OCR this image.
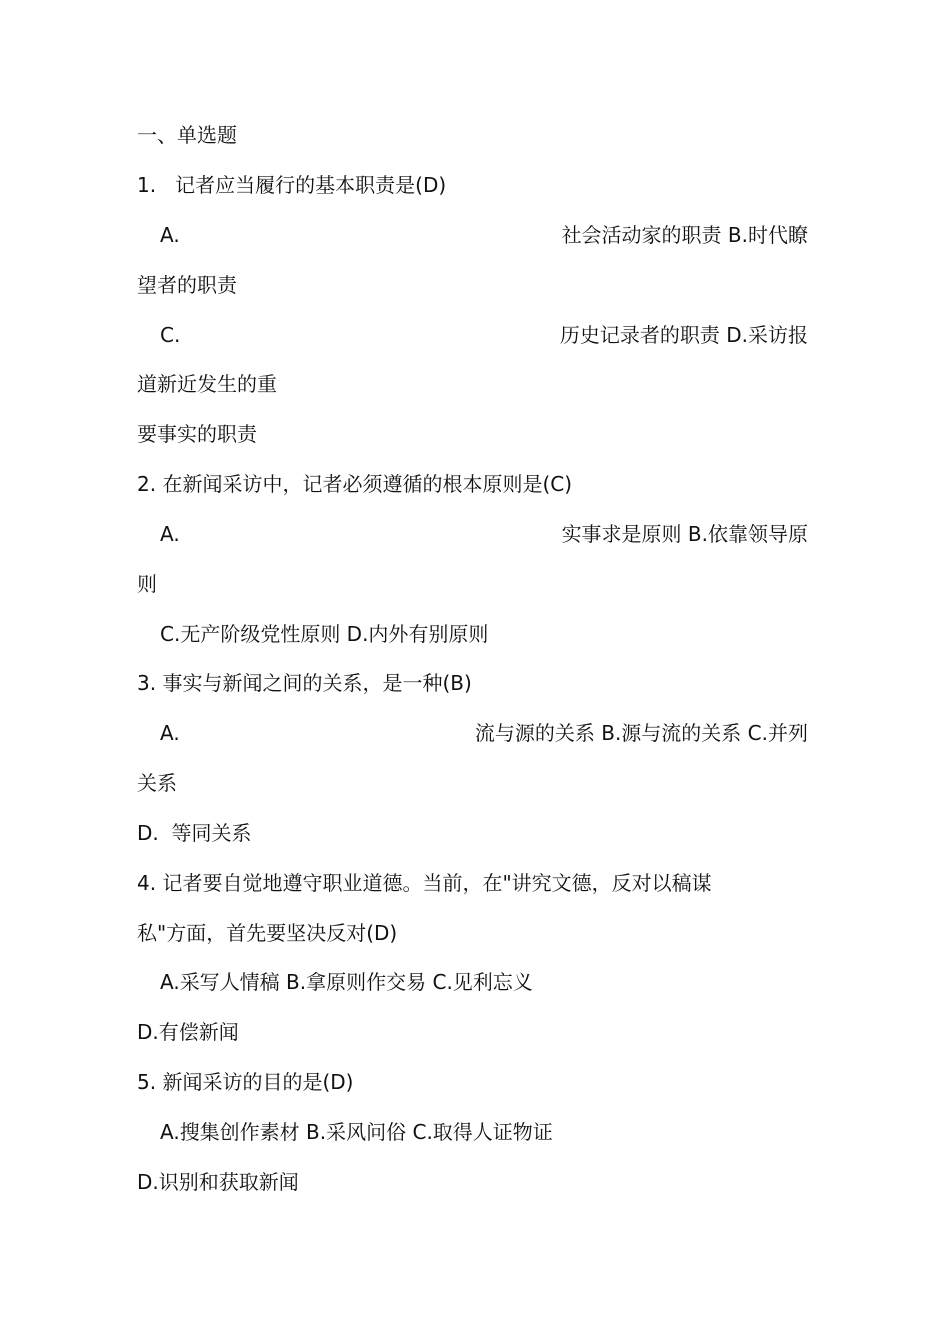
一、单选题
1.   记者应当履行的基本职责是(D)
A.	社会活动家的职责 B.时代瞭
望者的职责
C.	历史记录者的职责 D.采访报
道新近发生的重
要事实的职责
2. 在新闻采访中，记者必须遵循的根本原则是(C)
A.	实事求是原则 B.依靠领导原
则
C.无产阶级党性原则 D.内外有别原则
3. 事实与新闻之间的关系，是一种(B)
A.	流与源的关系 B.源与流的关系 C.并列
关系
D.  等同关系
4. 记者要自觉地遵守职业道德。当前，在"讲究文德，反对以稿谋
私"方面，首先要坚决反对(D)
A.采写人情稿 B.拿原则作交易 C.见利忘义
D.有偿新闻
5. 新闻采访的目的是(D)
A.搜集创作素材 B.采风问俗 C.取得人证物证
D.识别和获取新闻
